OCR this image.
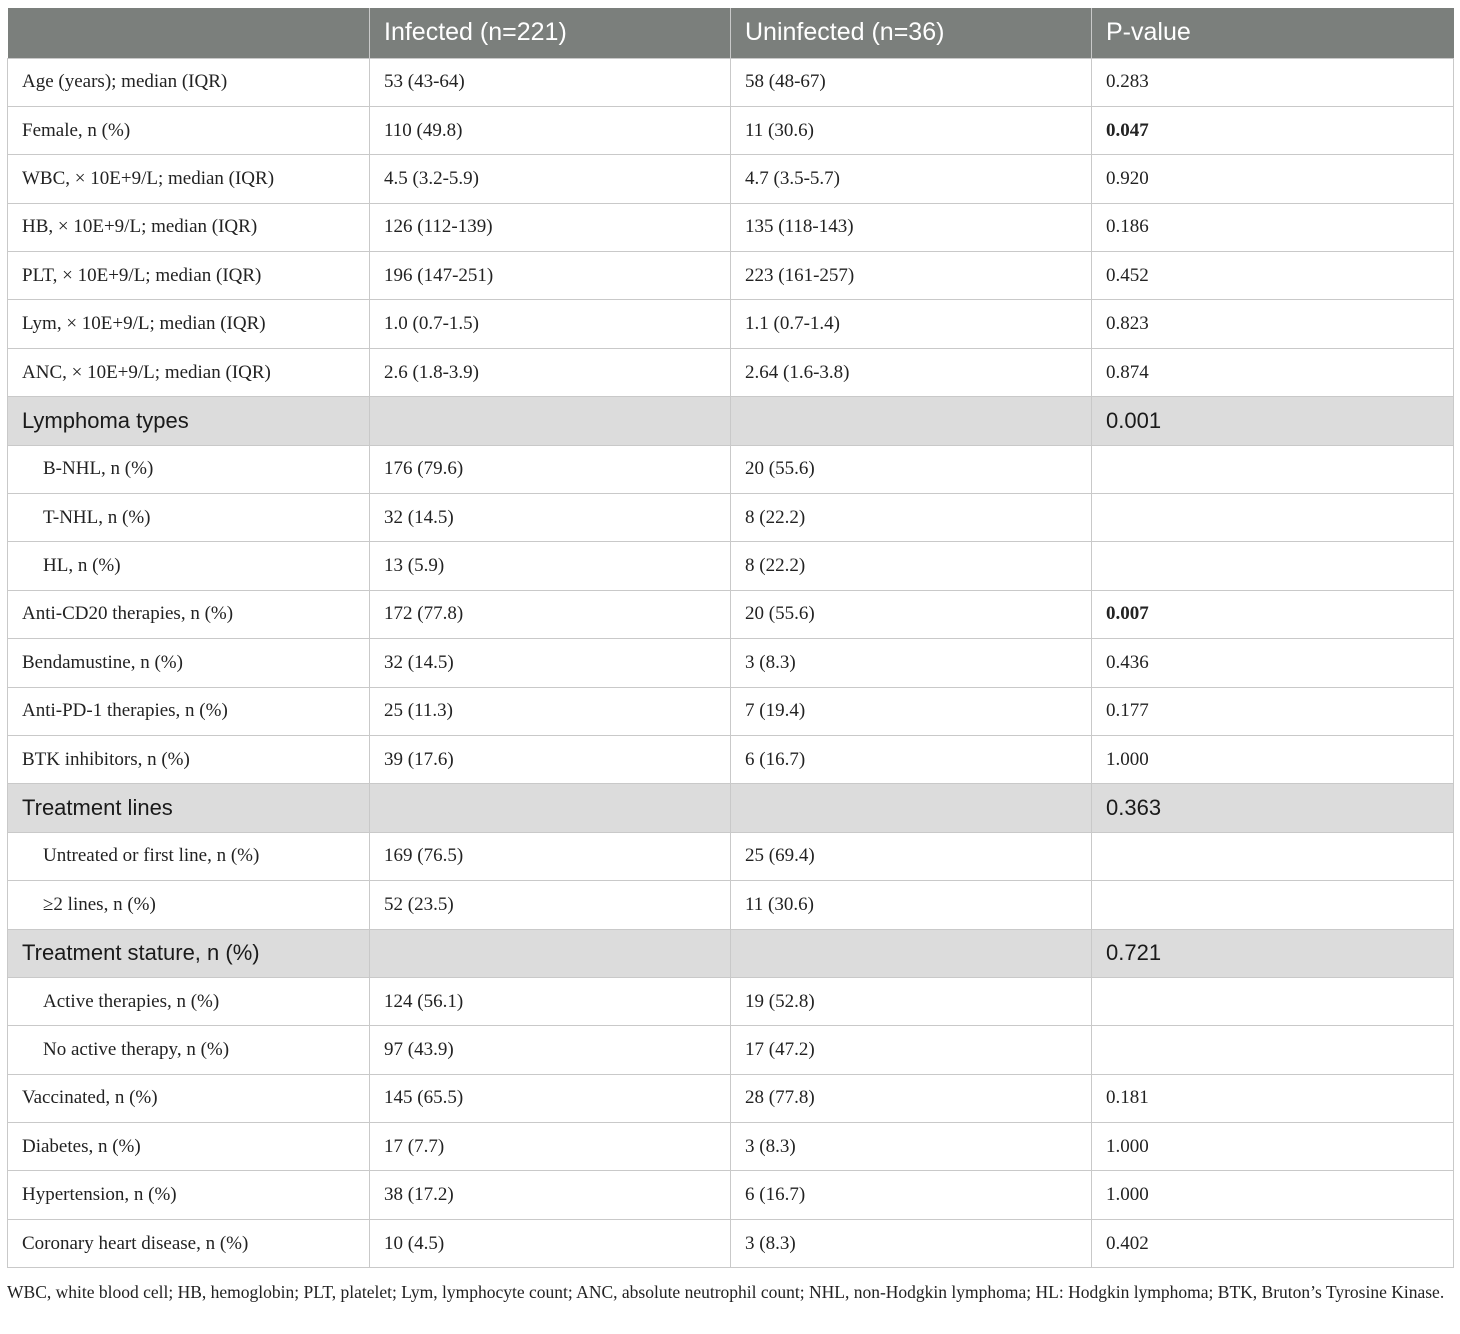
	Infected (n=221)	Uninfected (n=36)	P-value
Age (years); median (IQR)	53 (43-64)	58 (48-67)	0.283
Female, n (%)	110 (49.8)	11 (30.6)	0.047
WBC, × 10E+9/L; median (IQR)	4.5 (3.2-5.9)	4.7 (3.5-5.7)	0.920
HB, × 10E+9/L; median (IQR)	126 (112-139)	135 (118-143)	0.186
PLT, × 10E+9/L; median (IQR)	196 (147-251)	223 (161-257)	0.452
Lym, × 10E+9/L; median (IQR)	1.0 (0.7-1.5)	1.1 (0.7-1.4)	0.823
ANC, × 10E+9/L; median (IQR)	2.6 (1.8-3.9)	2.64 (1.6-3.8)	0.874
Lymphoma types			0.001
B-NHL, n (%)	176 (79.6)	20 (55.6)	
T-NHL, n (%)	32 (14.5)	8 (22.2)	
HL, n (%)	13 (5.9)	8 (22.2)	
Anti-CD20 therapies, n (%)	172 (77.8)	20 (55.6)	0.007
Bendamustine, n (%)	32 (14.5)	3 (8.3)	0.436
Anti-PD-1 therapies, n (%)	25 (11.3)	7 (19.4)	0.177
BTK inhibitors, n (%)	39 (17.6)	6 (16.7)	1.000
Treatment lines			0.363
Untreated or first line, n (%)	169 (76.5)	25 (69.4)	
≥2 lines, n (%)	52 (23.5)	11 (30.6)	
Treatment stature, n (%)			0.721
Active therapies, n (%)	124 (56.1)	19 (52.8)	
No active therapy, n (%)	97 (43.9)	17 (47.2)	
Vaccinated, n (%)	145 (65.5)	28 (77.8)	0.181
Diabetes, n (%)	17 (7.7)	3 (8.3)	1.000
Hypertension, n (%)	38 (17.2)	6 (16.7)	1.000
Coronary heart disease, n (%)	10 (4.5)	3 (8.3)	0.402
WBC, white blood cell; HB, hemoglobin; PLT, platelet; Lym, lymphocyte count; ANC, absolute neutrophil count; NHL, non-Hodgkin lymphoma; HL: Hodgkin lymphoma; BTK, Bruton’s Tyrosine Kinase.
